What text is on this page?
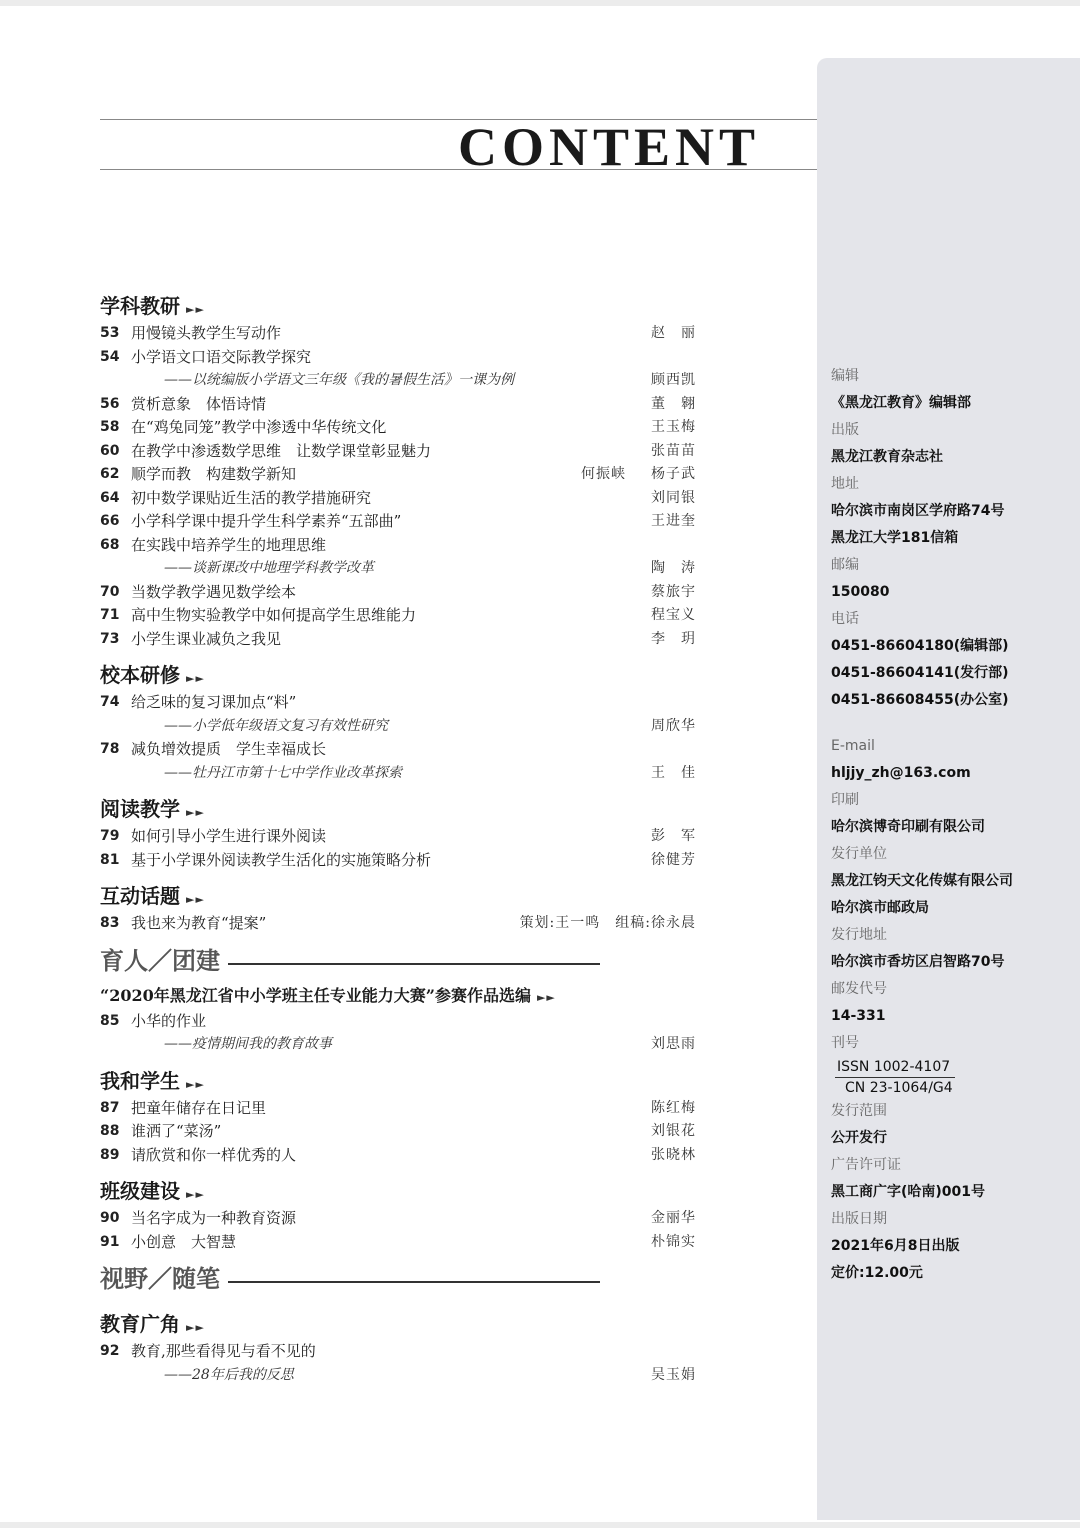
CONTENT
编辑
《黑龙江教育》编辑部
出版
黑龙江教育杂志社
地址
哈尔滨市南岗区学府路74号
黑龙江大学181信箱
邮编
150080
电话
0451-86604180(编辑部)
0451-86604141(发行部)
0451-86608455(办公室)
E-mail
hljjy_zh@163.com
印刷
哈尔滨博奇印刷有限公司
发行单位
黑龙江钧天文化传媒有限公司
哈尔滨市邮政局
发行地址
哈尔滨市香坊区启智路70号
邮发代号
14-331
刊号
ISSN 1002-4107
CN 23-1064/G4
发行范围
公开发行
广告许可证
黑工商广字(哈南)001号
出版日期
2021年6月8日出版
定价:12.00元
学科教研 ►►
53 用慢镜头教学生写动作	赵　丽
54 小学语文口语交际教学探究
——以统编版小学语文三年级《我的暑假生活》一课为例	顾西凯
56 赏析意象　体悟诗情	董　翱
58 在“鸡兔同笼”教学中渗透中华传统文化	王玉梅
60 在教学中渗透数学思维　让数学课堂彰显魅力	张苗苗
62 顺学而教　构建数学新知	何振峡 杨子武
64 初中数学课贴近生活的教学措施研究	刘同银
66 小学科学课中提升学生科学素养“五部曲”	王进奎
68 在实践中培养学生的地理思维
——谈新课改中地理学科教学改革	陶　涛
70 当数学教学遇见数学绘本	蔡旅宇
71 高中生物实验教学中如何提高学生思维能力	程宝义
73 小学生课业减负之我见	李　玥
校本研修 ►►
74 给乏味的复习课加点“料”
——小学低年级语文复习有效性研究	周欣华
78 减负增效提质　学生幸福成长
——牡丹江市第十七中学作业改革探索	王　佳
阅读教学 ►►
79 如何引导小学生进行课外阅读	彭　军
81 基于小学课外阅读教学生活化的实施策略分析	徐健芳
互动话题 ►►
83 我也来为教育“提案”	策划:王一鸣　组稿:徐永晨
育人／团建
“2020年黑龙江省中小学班主任专业能力大赛”参赛作品选编 ►►
85 小华的作业
——疫情期间我的教育故事	刘思雨
我和学生 ►►
87 把童年储存在日记里	陈红梅
88 谁洒了“菜汤”	刘银花
89 请欣赏和你一样优秀的人	张晓林
班级建设 ►►
90 当名字成为一种教育资源	金丽华
91 小创意　大智慧	朴锦实
视野／随笔
教育广角 ►►
92 教育,那些看得见与看不见的
——28年后我的反思	吴玉娟
